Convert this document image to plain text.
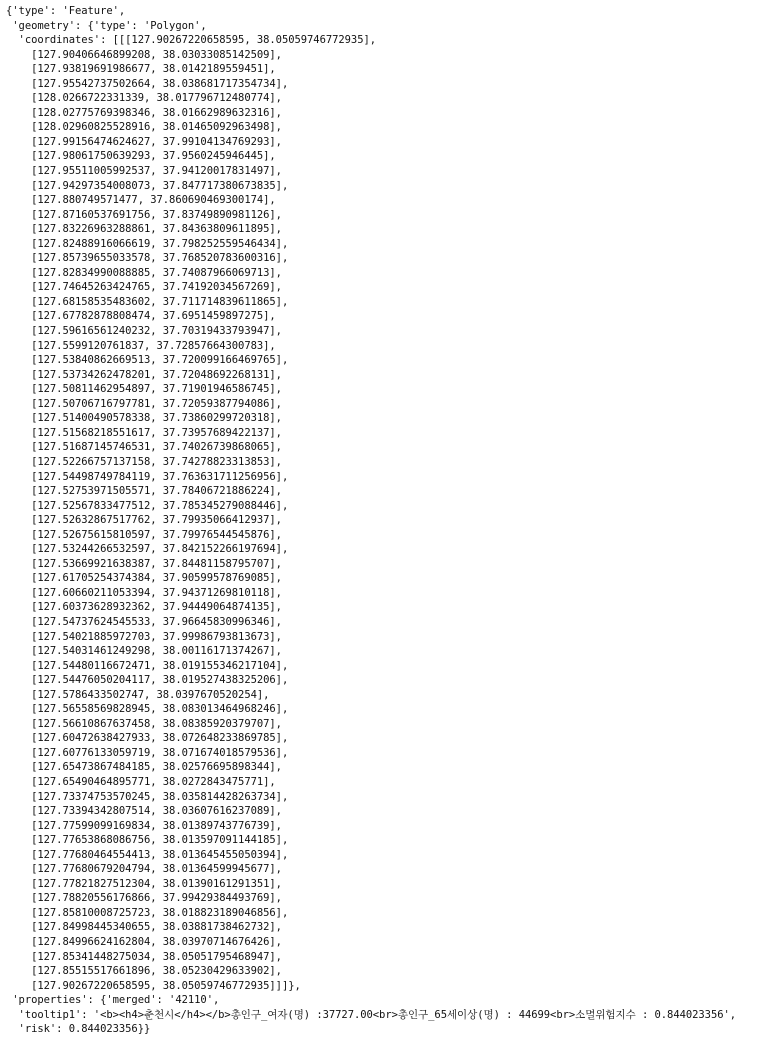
{'type': 'Feature',
'geometry': {'type': 'Polygon',
'coordinates': [[[127.90267220658595, 38.05059746772935],
[127.90406646899208, 38.03033085142509],
[127.93819691986677, 38.0142189559451],
[127.95542737502664, 38.038681717354734],
[128.0266722331339, 38.017796712480774],
[128.02775769398346, 38.01662989632316],
[128.02960825528916, 38.01465092963498],
[127.99156474624627, 37.99104134769293],
[127.98061750639293, 37.9560245946445],
[127.95511005992537, 37.94120017831497],
[127.94297354008073, 37.847717380673835],
[127.880749571477, 37.860690469300174],
[127.87160537691756, 37.83749890981126],
[127.83226963288861, 37.84363809611895],
[127.82488916066619, 37.798252559546434],
[127.85739655033578, 37.768520783600316],
[127.82834990088885, 37.74087966069713],
[127.74645263424765, 37.74192034567269],
[127.68158535483602, 37.711714839611865],
[127.67782878808474, 37.6951459897275],
[127.59616561240232, 37.70319433793947],
[127.5599120761837, 37.72857664300783],
[127.53840862669513, 37.720099166469765],
[127.53734262478201, 37.72048692268131],
[127.50811462954897, 37.71901946586745],
[127.50706716797781, 37.72059387794086],
[127.51400490578338, 37.73860299720318],
[127.51568218551617, 37.73957689422137],
[127.51687145746531, 37.74026739868065],
[127.52266757137158, 37.74278823313853],
[127.54498749784119, 37.763631711256956],
[127.52753971505571, 37.78406721886224],
[127.52567833477512, 37.785345279088446],
[127.52632867517762, 37.79935066412937],
[127.52675615810597, 37.79976544545876],
[127.53244266532597, 37.842152266197694],
[127.53669921638387, 37.84481158795707],
[127.61705254374384, 37.90599578769085],
[127.60660211053394, 37.94371269810118],
[127.60373628932362, 37.94449064874135],
[127.54737624545533, 37.96645830996346],
[127.54021885972703, 37.99986793813673],
[127.54031461249298, 38.00116171374267],
[127.54480116672471, 38.019155346217104],
[127.54476050204117, 38.019527438325206],
[127.5786433502747, 38.0397670520254],
[127.56558569828945, 38.083013464968246],
[127.56610867637458, 38.08385920379707],
[127.60472638427933, 38.072648233869785],
[127.60776133059719, 38.071674018579536],
[127.65473867484185, 38.02576695898344],
[127.65490464895771, 38.0272843475771],
[127.73374753570245, 38.035814428263734],
[127.73394342807514, 38.03607616237089],
[127.77599099169834, 38.01389743776739],
[127.77653868086756, 38.013597091144185],
[127.77680464554413, 38.013645455050394],
[127.77680679204794, 38.01364599945677],
[127.77821827512304, 38.01390161291351],
[127.78820556176866, 37.99429384493769],
[127.85810008725723, 38.018823189046856],
[127.84998445340655, 38.03881738462732],
[127.84996624162804, 38.03970714676426],
[127.85341448275034, 38.05051795468947],
[127.85515517661896, 38.05230429633902],
[127.90267220658595, 38.05059746772935]]]},
'properties': {'merged': '42110',
'tooltip1': '<b><h4>춘천시</h4></b>총인구_여자(명) :37727.00<br>총인구_65세이상(명) : 44699<br>소멸위험지수 : 0.844023356',
'risk': 0.844023356}}
